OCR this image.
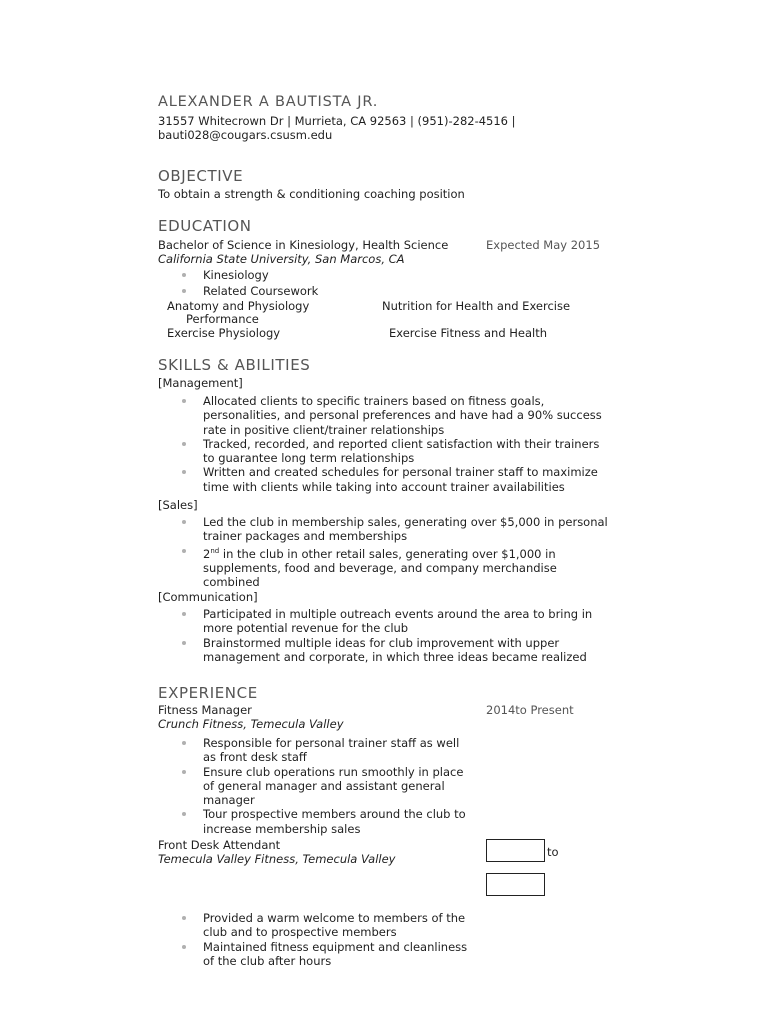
ALEXANDER A BAUTISTA JR.
31557 Whitecrown Dr | Murrieta, CA 92563 | (951)-282-4516 |
bauti028@cougars.csusm.edu
OBJECTIVE
To obtain a strength & conditioning coaching position
EDUCATION
Bachelor of Science in Kinesiology, Health Science	Expected May 2015
California State University, San Marcos, CA
Kinesiology
Related Coursework
Anatomy and Physiology	Nutrition for Health and Exercise
Performance
Exercise Physiology	Exercise Fitness and Health
SKILLS & ABILITIES
[Management]
Allocated clients to specific trainers based on fitness goals, personalities, and personal preferences and have had a 90% success rate in positive client/trainer relationships
Tracked, recorded, and reported client satisfaction with their trainers to guarantee long term relationships
Written and created schedules for personal trainer staff to maximize time with clients while taking into account trainer availabilities
[Sales]
Led the club in membership sales, generating over $5,000 in personal trainer packages and memberships
2nd in the club in other retail sales, generating over $1,000 in supplements, food and beverage, and company merchandise combined
[Communication]
Participated in multiple outreach events around the area to bring in more potential revenue for the club
Brainstormed multiple ideas for club improvement with upper management and corporate, in which three ideas became realized
EXPERIENCE
Fitness Manager	2014to Present
Crunch Fitness, Temecula Valley
Responsible for personal trainer staff as well as front desk staff
Ensure club operations run smoothly in place of general manager and assistant general manager
Tour prospective members around the club to increase membership sales
Front Desk Attendant	to
Temecula Valley Fitness, Temecula Valley
Provided a warm welcome to members of the club and to prospective members
Maintained fitness equipment and cleanliness of the club after hours
